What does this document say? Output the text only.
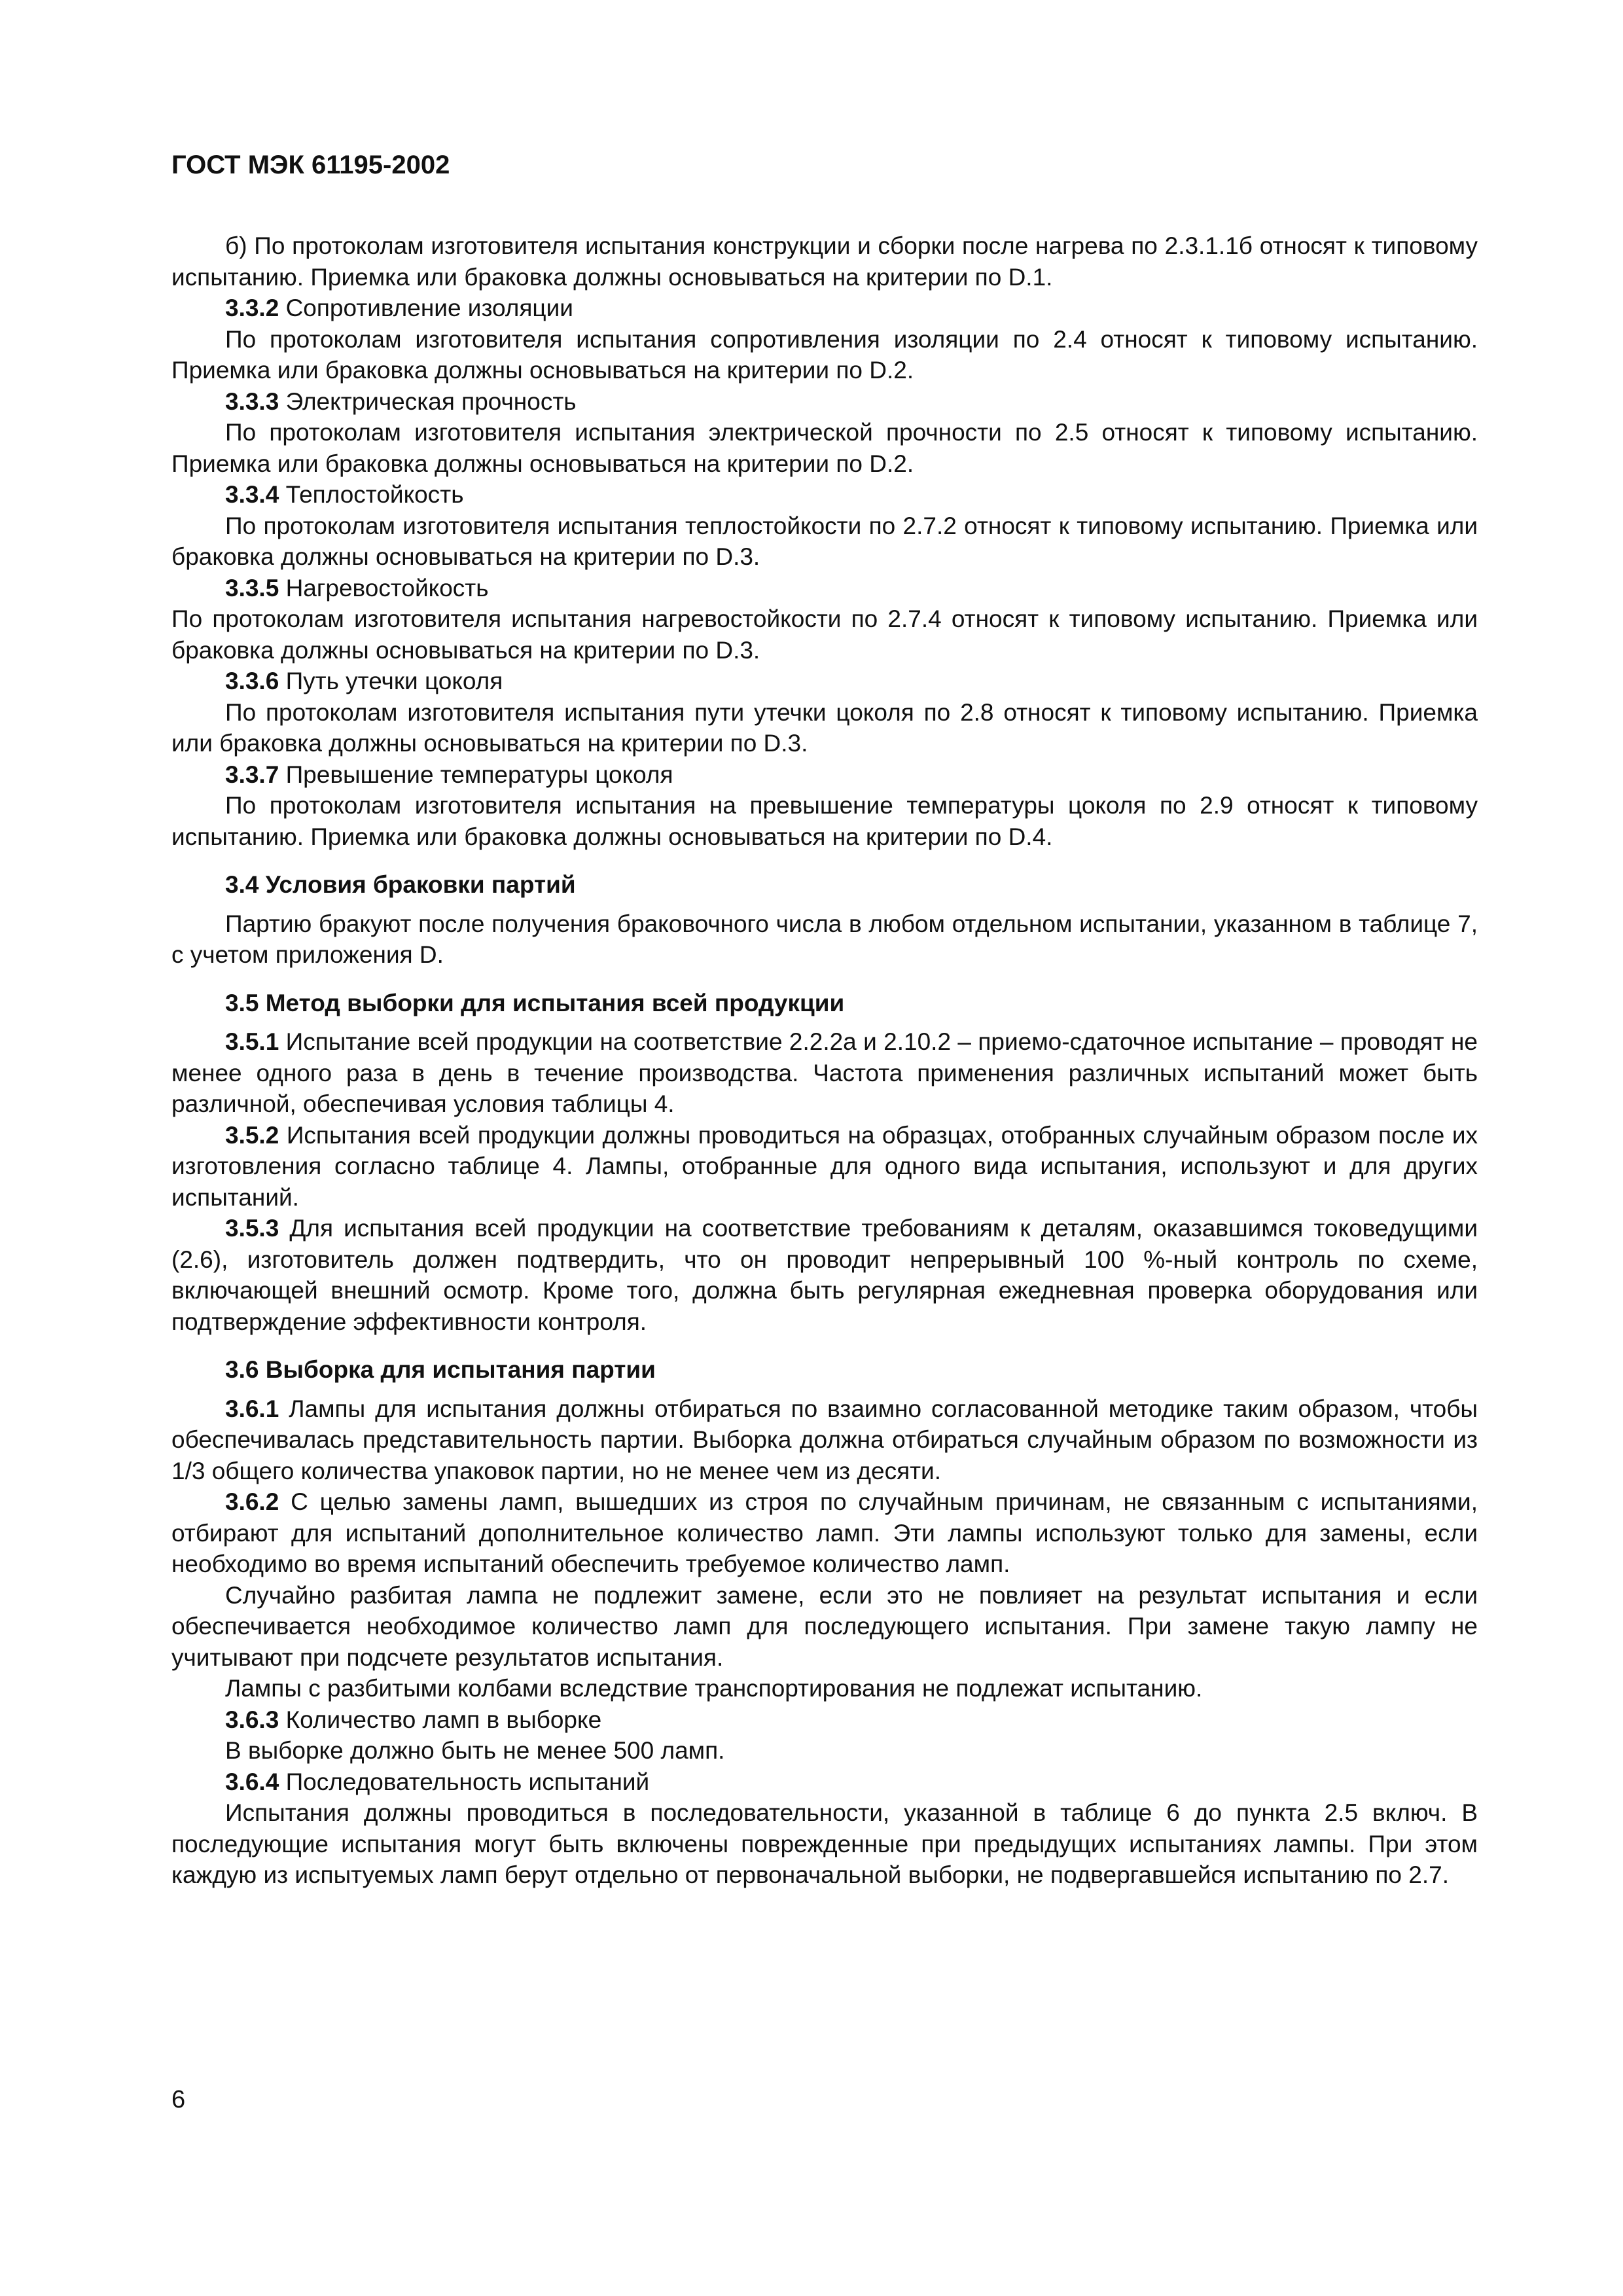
ГОСТ МЭК 61195-2002

б) По протоколам изготовителя испытания конструкции и сборки после нагрева по 2.3.1.1б относят к типовому испытанию. Приемка или браковка должны основываться на критерии по D.1.

3.3.2 Сопротивление изоляции

По протоколам изготовителя испытания сопротивления изоляции по 2.4 относят к типовому испытанию. Приемка или браковка должны основываться на критерии по D.2.

3.3.3 Электрическая прочность

По протоколам изготовителя испытания электрической прочности по 2.5 относят к типовому испытанию. Приемка или браковка должны основываться на критерии по D.2.

3.3.4 Теплостойкость

По протоколам изготовителя испытания теплостойкости по 2.7.2 относят к типовому испытанию. Приемка или браковка должны основываться на критерии по D.3.

3.3.5 Нагревостойкость

По протоколам изготовителя испытания нагревостойкости по 2.7.4 относят к типовому испытанию. Приемка или браковка должны основываться на критерии по D.3.

3.3.6 Путь утечки цоколя

По протоколам изготовителя испытания пути утечки цоколя по 2.8 относят к типовому испытанию. Приемка или браковка должны основываться на критерии по D.3.

3.3.7 Превышение температуры цоколя

По протоколам изготовителя испытания на превышение температуры цоколя по 2.9 относят к типовому испытанию. Приемка или браковка должны основываться на критерии по D.4.

3.4 Условия браковки партий

Партию бракуют после получения браковочного числа в любом отдельном испытании, указанном в таблице 7, с учетом приложения D.

3.5 Метод выборки для испытания всей продукции

3.5.1 Испытание всей продукции на соответствие 2.2.2а и 2.10.2 – приемо-сдаточное испытание – проводят не менее одного раза в день в течение производства. Частота применения различных испытаний может быть различной, обеспечивая условия таблицы 4.

3.5.2 Испытания всей продукции должны проводиться на образцах, отобранных случайным образом после их изготовления согласно таблице 4. Лампы, отобранные для одного вида испытания, используют и для других испытаний.

3.5.3 Для испытания всей продукции на соответствие требованиям к деталям, оказавшимся токоведущими (2.6), изготовитель должен подтвердить, что он проводит непрерывный 100 %-ный контроль по схеме, включающей внешний осмотр. Кроме того, должна быть регулярная ежедневная проверка оборудования или подтверждение эффективности контроля.

3.6 Выборка для испытания партии

3.6.1 Лампы для испытания должны отбираться по взаимно согласованной методике таким образом, чтобы обеспечивалась представительность партии. Выборка должна отбираться случайным образом по возможности из 1/3 общего количества упаковок партии, но не менее чем из десяти.

3.6.2 С целью замены ламп, вышедших из строя по случайным причинам, не связанным с испытаниями, отбирают для испытаний дополнительное количество ламп. Эти лампы используют только для замены, если необходимо во время испытаний обеспечить требуемое количество ламп.

Случайно разбитая лампа не подлежит замене, если это не повлияет на результат испытания и если обеспечивается необходимое количество ламп для последующего испытания. При замене такую лампу не учитывают при подсчете результатов испытания.

Лампы с разбитыми колбами вследствие транспортирования не подлежат испытанию.

3.6.3 Количество ламп в выборке

В выборке должно быть не менее 500 ламп.

3.6.4 Последовательность испытаний

Испытания должны проводиться в последовательности, указанной в таблице 6 до пункта 2.5 включ. В последующие испытания могут быть включены поврежденные при предыдущих испытаниях лампы. При этом каждую из испытуемых ламп берут отдельно от первоначальной выборки, не подвергавшейся испытанию по 2.7.

6
